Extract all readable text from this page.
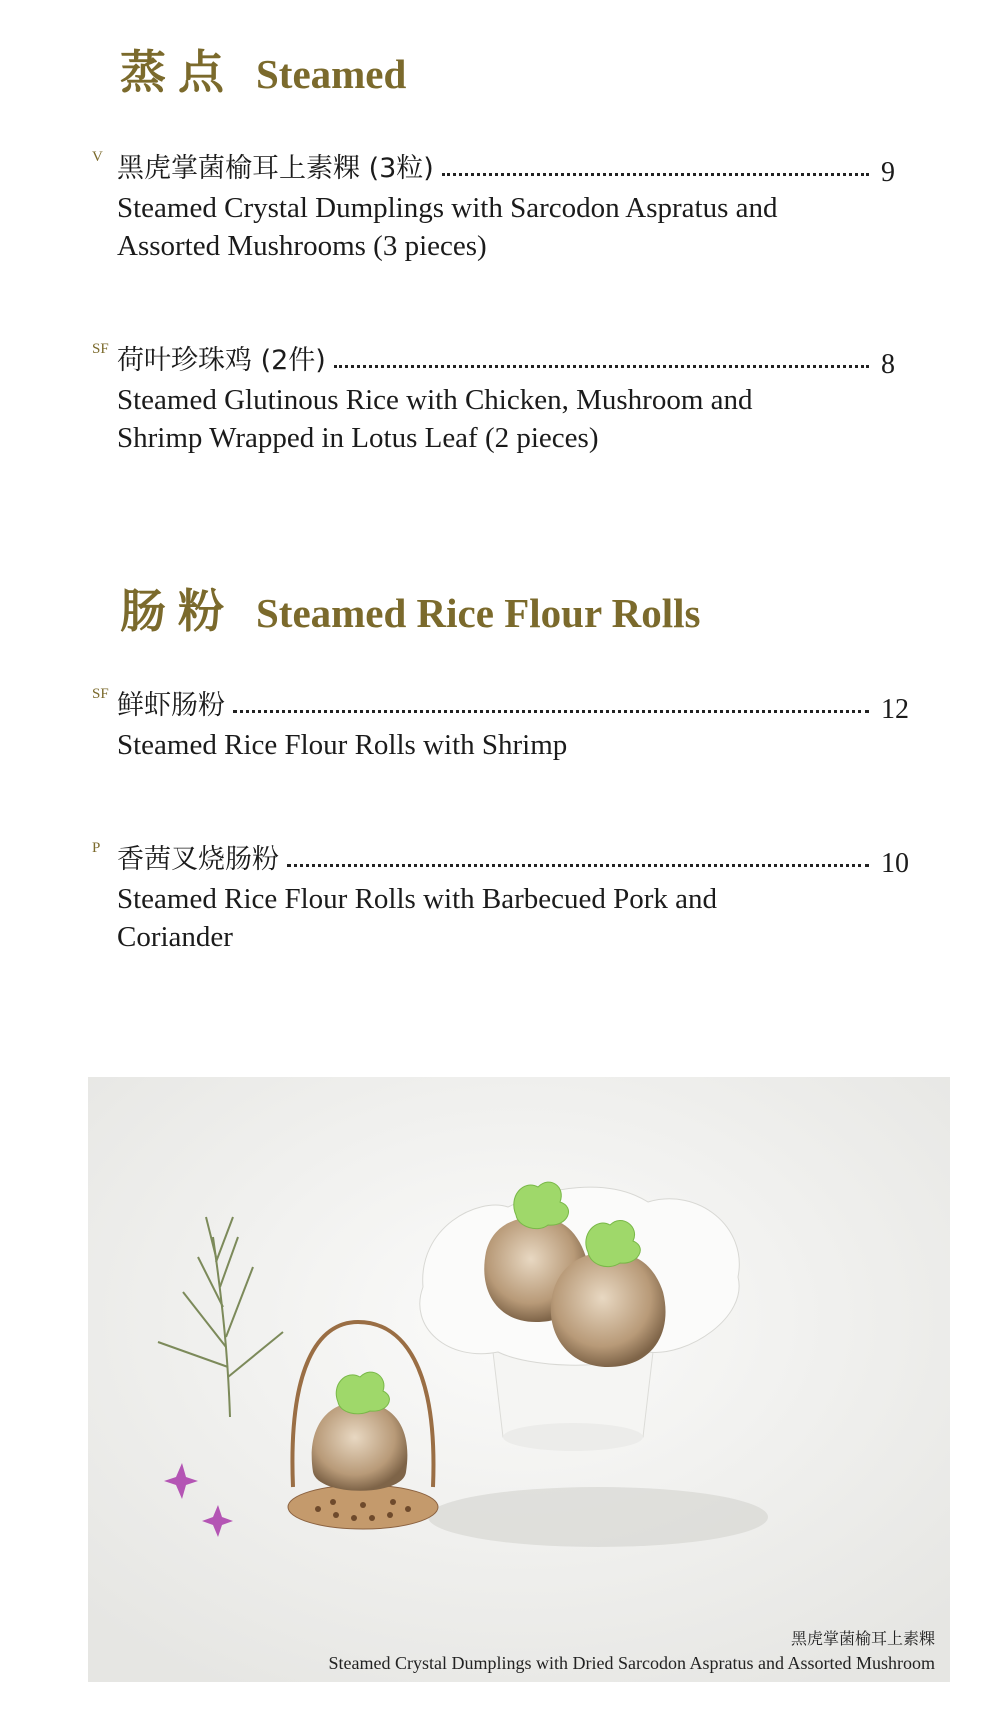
蒸点 Steamed
V 黑虎掌菌榆耳上素粿 (3粒)	9
Steamed Crystal Dumplings with Sarcodon Aspratus and Assorted Mushrooms (3 pieces)
SF 荷叶珍珠鸡 (2件)	8
Steamed Glutinous Rice with Chicken, Mushroom and Shrimp Wrapped in Lotus Leaf (2 pieces)
肠粉 Steamed Rice Flour Rolls
SF 鲜虾肠粉	12
Steamed Rice Flour Rolls with Shrimp
P 香茜叉烧肠粉	10
Steamed Rice Flour Rolls with Barbecued Pork and Coriander
黑虎掌菌榆耳上素粿
Steamed Crystal Dumplings with Dried Sarcodon Aspratus and Assorted Mushroom
